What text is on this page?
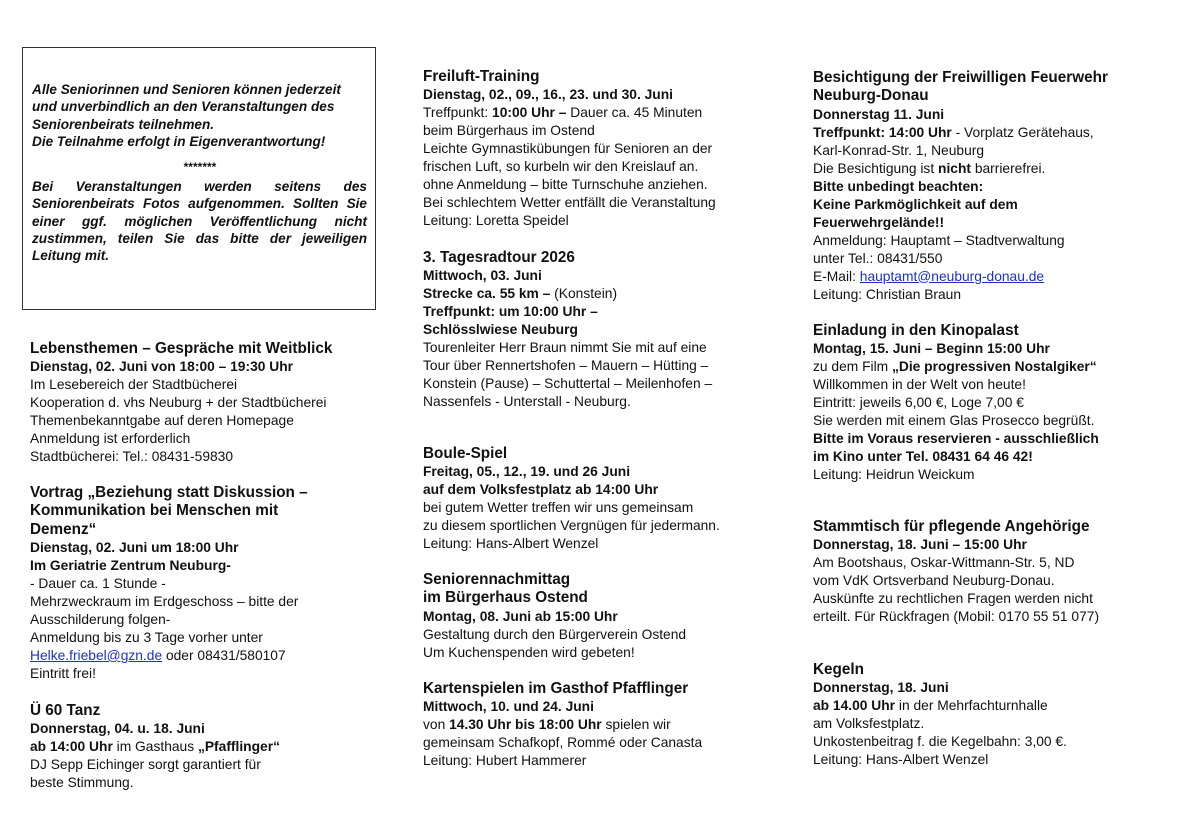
Alle Seniorinnen und Senioren können jederzeit und unverbindlich an den Veranstaltungen des Seniorenbeirats teilnehmen.

Die Teilnahme erfolgt in Eigenverantwortung!

*******

Bei Veranstaltungen werden seitens des Seniorenbeirats Fotos aufgenommen. Sollten Sie einer ggf. möglichen Veröffentlichung nicht zustimmen, teilen Sie das bitte der jeweiligen Leitung mit.

Lebensthemen – Gespräche mit Weitblick

Dienstag, 02. Juni von 18:00 – 19:30 Uhr

Im Lesebereich der Stadtbücherei

Kooperation d. vhs Neuburg + der Stadtbücherei

Themenbekanntgabe auf deren Homepage

Anmeldung ist erforderlich

Stadtbücherei: Tel.: 08431-59830

Vortrag „Beziehung statt Diskussion –

Kommunikation bei Menschen mit

Demenz“

Dienstag, 02. Juni um 18:00 Uhr

Im Geriatrie Zentrum Neuburg-

- Dauer ca. 1 Stunde -

Mehrzweckraum im Erdgeschoss – bitte der

Ausschilderung folgen-

Anmeldung bis zu 3 Tage vorher unter

Helke.friebel@gzn.de oder 08431/580107

Eintritt frei!

Ü 60 Tanz

Donnerstag, 04. u. 18. Juni

ab 14:00 Uhr im Gasthaus „Pfafflinger“

DJ Sepp Eichinger sorgt garantiert für

beste Stimmung.

Freiluft-Training

Dienstag, 02., 09., 16., 23. und 30. Juni

Treffpunkt: 10:00 Uhr – Dauer ca. 45 Minuten

beim Bürgerhaus im Ostend

Leichte Gymnastikübungen für Senioren an der

frischen Luft, so kurbeln wir den Kreislauf an.

ohne Anmeldung – bitte Turnschuhe anziehen.

Bei schlechtem Wetter entfällt die Veranstaltung

Leitung: Loretta Speidel

3. Tagesradtour 2026

Mittwoch, 03. Juni

Strecke ca. 55 km – (Konstein)

Treffpunkt: um 10:00 Uhr –

Schlösslwiese Neuburg

Tourenleiter Herr Braun nimmt Sie mit auf eine

Tour über Rennertshofen – Mauern – Hütting –

Konstein (Pause) – Schuttertal – Meilenhofen –

Nassenfels - Unterstall - Neuburg.

Boule-Spiel

Freitag, 05., 12., 19. und 26 Juni

auf dem Volksfestplatz ab 14:00 Uhr

bei gutem Wetter treffen wir uns gemeinsam

zu diesem sportlichen Vergnügen für jedermann.

Leitung: Hans-Albert Wenzel

Seniorennachmittag

im Bürgerhaus Ostend

Montag, 08. Juni ab 15:00 Uhr

Gestaltung durch den Bürgerverein Ostend

Um Kuchenspenden wird gebeten!

Kartenspielen im Gasthof Pfafflinger

Mittwoch, 10. und 24. Juni

von 14.30 Uhr bis 18:00 Uhr spielen wir

gemeinsam Schafkopf, Rommé oder Canasta

Leitung: Hubert Hammerer

Besichtigung der Freiwilligen Feuerwehr

Neuburg-Donau

Donnerstag 11. Juni

Treffpunkt: 14:00 Uhr - Vorplatz Gerätehaus,

Karl-Konrad-Str. 1, Neuburg

Die Besichtigung ist nicht barrierefrei.

Bitte unbedingt beachten:

Keine Parkmöglichkeit auf dem

Feuerwehrgelände!!

Anmeldung: Hauptamt – Stadtverwaltung

unter Tel.: 08431/550

E-Mail: hauptamt@neuburg-donau.de

Leitung: Christian Braun

Einladung in den Kinopalast

Montag, 15. Juni – Beginn 15:00 Uhr

zu dem Film „Die progressiven Nostalgiker“

Willkommen in der Welt von heute!

Eintritt: jeweils 6,00 €, Loge 7,00 €

Sie werden mit einem Glas Prosecco begrüßt.

Bitte im Voraus reservieren - ausschließlich

im Kino unter Tel. 08431 64 46 42!

Leitung: Heidrun Weickum

Stammtisch für pflegende Angehörige

Donnerstag, 18. Juni – 15:00 Uhr

Am Bootshaus, Oskar-Wittmann-Str. 5, ND

vom VdK Ortsverband Neuburg-Donau.

Auskünfte zu rechtlichen Fragen werden nicht

erteilt. Für Rückfragen (Mobil: 0170 55 51 077)

Kegeln

Donnerstag, 18. Juni

ab 14.00 Uhr in der Mehrfachturnhalle

am Volksfestplatz.

Unkostenbeitrag f. die Kegelbahn: 3,00 €.

Leitung: Hans-Albert Wenzel
